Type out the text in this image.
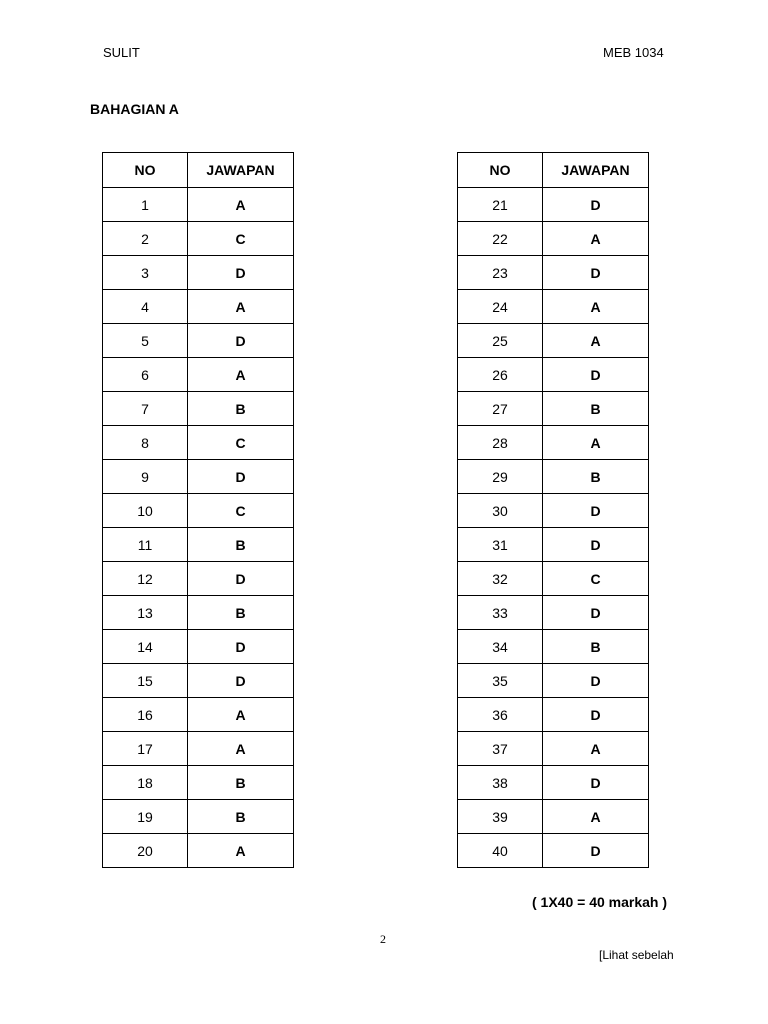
SULIT	MEB 1034
BAHAGIAN A
NO	JAWAPAN
1	A
2	C
3	D
4	A
5	D
6	A
7	B
8	C
9	D
10	C
11	B
12	D
13	B
14	D
15	D
16	A
17	A
18	B
19	B
20	A
NO	JAWAPAN
21	D
22	A
23	D
24	A
25	A
26	D
27	B
28	A
29	B
30	D
31	D
32	C
33	D
34	B
35	D
36	D
37	A
38	D
39	A
40	D
( 1X40 = 40 markah )
2
[Lihat sebelah
